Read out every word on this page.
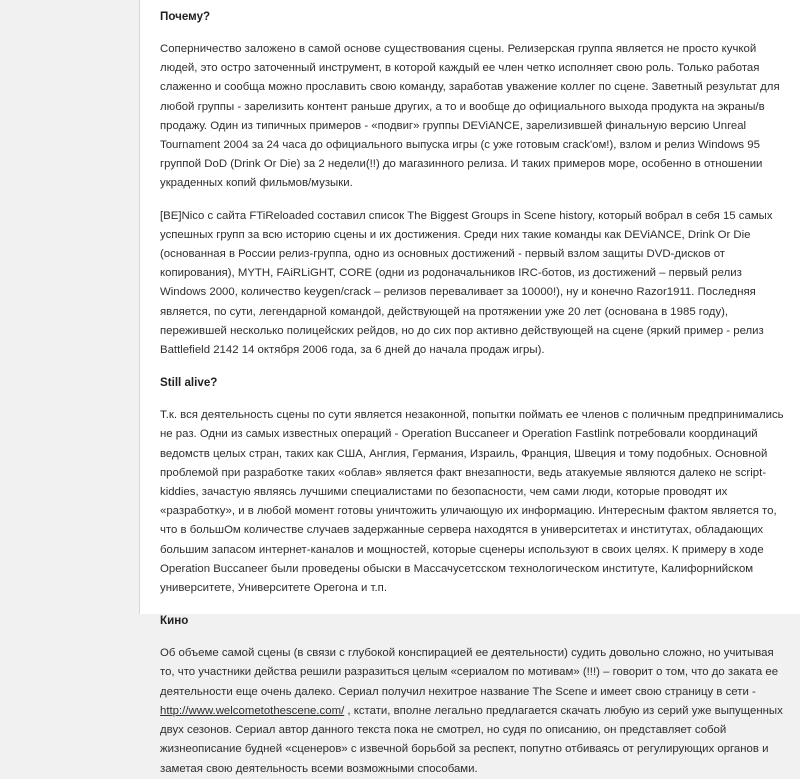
Почему?

Соперничество заложено в самой основе существования сцены. Релизерская группа является не просто кучкой людей, это остро заточенный инструмент, в которой каждый ее член четко исполняет свою роль. Только работая слаженно и сообща можно прославить свою команду, заработав уважение коллег по сцене. Заветный результат для любой группы - зарелизить контент раньше других, а то и вообще до официального выхода продукта на экраны/в продажу. Один из типичных примеров - «подвиг» группы DEViANCE, зарелизившей финальную версию Unreal Tournament 2004 за 24 часа до официального выпуска игры (с уже готовым crack'ом!), взлом и релиз Windows 95 группой DoD (Drink Or Die) за 2 недели(!!) до магазинного релиза. И таких примеров море, особенно в отношении украденных копий фильмов/музыки.

[BE]Nico с сайта FTiReloaded составил список The Biggest Groups in Scene history, который вобрал в себя 15 самых успешных групп за всю историю сцены и их достижения. Среди них такие команды как DEViANCE, Drink Or Die (основанная в России релиз-группа, одно из основных достижений - первый взлом защиты DVD-дисков от копирования), MYTH, FAiRLiGHT, CORE (одни из родоначальников IRC-ботов, из достижений – первый релиз Windows 2000, количество keygen/crack – релизов переваливает за 10000!), ну и конечно Razor1911. Последняя является, по сути, легендарной командой, действующей на протяжении уже 20 лет (основана в 1985 году), пережившей несколько полицейских рейдов, но до сих пор активно действующей на сцене (яркий пример - релиз Battlefield 2142 14 октября 2006 года, за 6 дней до начала продаж игры).

Still alive?

Т.к. вся деятельность сцены по сути является незаконной, попытки поймать ее членов с поличным предпринимались не раз. Одни из самых известных операций - Operation Buccaneer и Operation Fastlink потребовали координаций ведомств целых стран, таких как США, Англия, Германия, Израиль, Франция, Швеция и тому подобных. Основной проблемой при разработке таких «облав» является факт внезапности, ведь атакуемые являются далеко не script-kiddies, зачастую являясь лучшими специалистами по безопасности, чем сами люди, которые проводят их «разработку», и в любой момент готовы уничтожить уличающую их информацию. Интересным фактом является то, что в большОм количестве случаев задержанные сервера находятся в университетах и институтах, обладающих большим запасом интернет-каналов и мощностей, которые сценеры используют в своих целях. К примеру в ходе Operation Buccaneer были проведены обыски в Массачусетсском технологическом институте, Калифорнийском университете, Университете Орегона и т.п.

Кино

Об объеме самой сцены (в связи с глубокой конспирацией ее деятельности) судить довольно сложно, но учитывая то, что участники действа решили разразиться целым «сериалом по мотивам» (!!!) – говорит о том, что до заката ее деятельности еще очень далеко. Сериал получил нехитрое название The Scene и имеет свою страницу в сети - http://www.welcometothescene.com/ , кстати, вполне легально предлагается скачать любую из серий уже выпущенных двух сезонов. Сериал автор данного текста пока не смотрел, но судя по описанию, он представляет собой жизнеописание будней «сценеров» с извечной борьбой за респект, попутно отбиваясь от регулирующих органов и заметая свою деятельность всеми возможными способами.
